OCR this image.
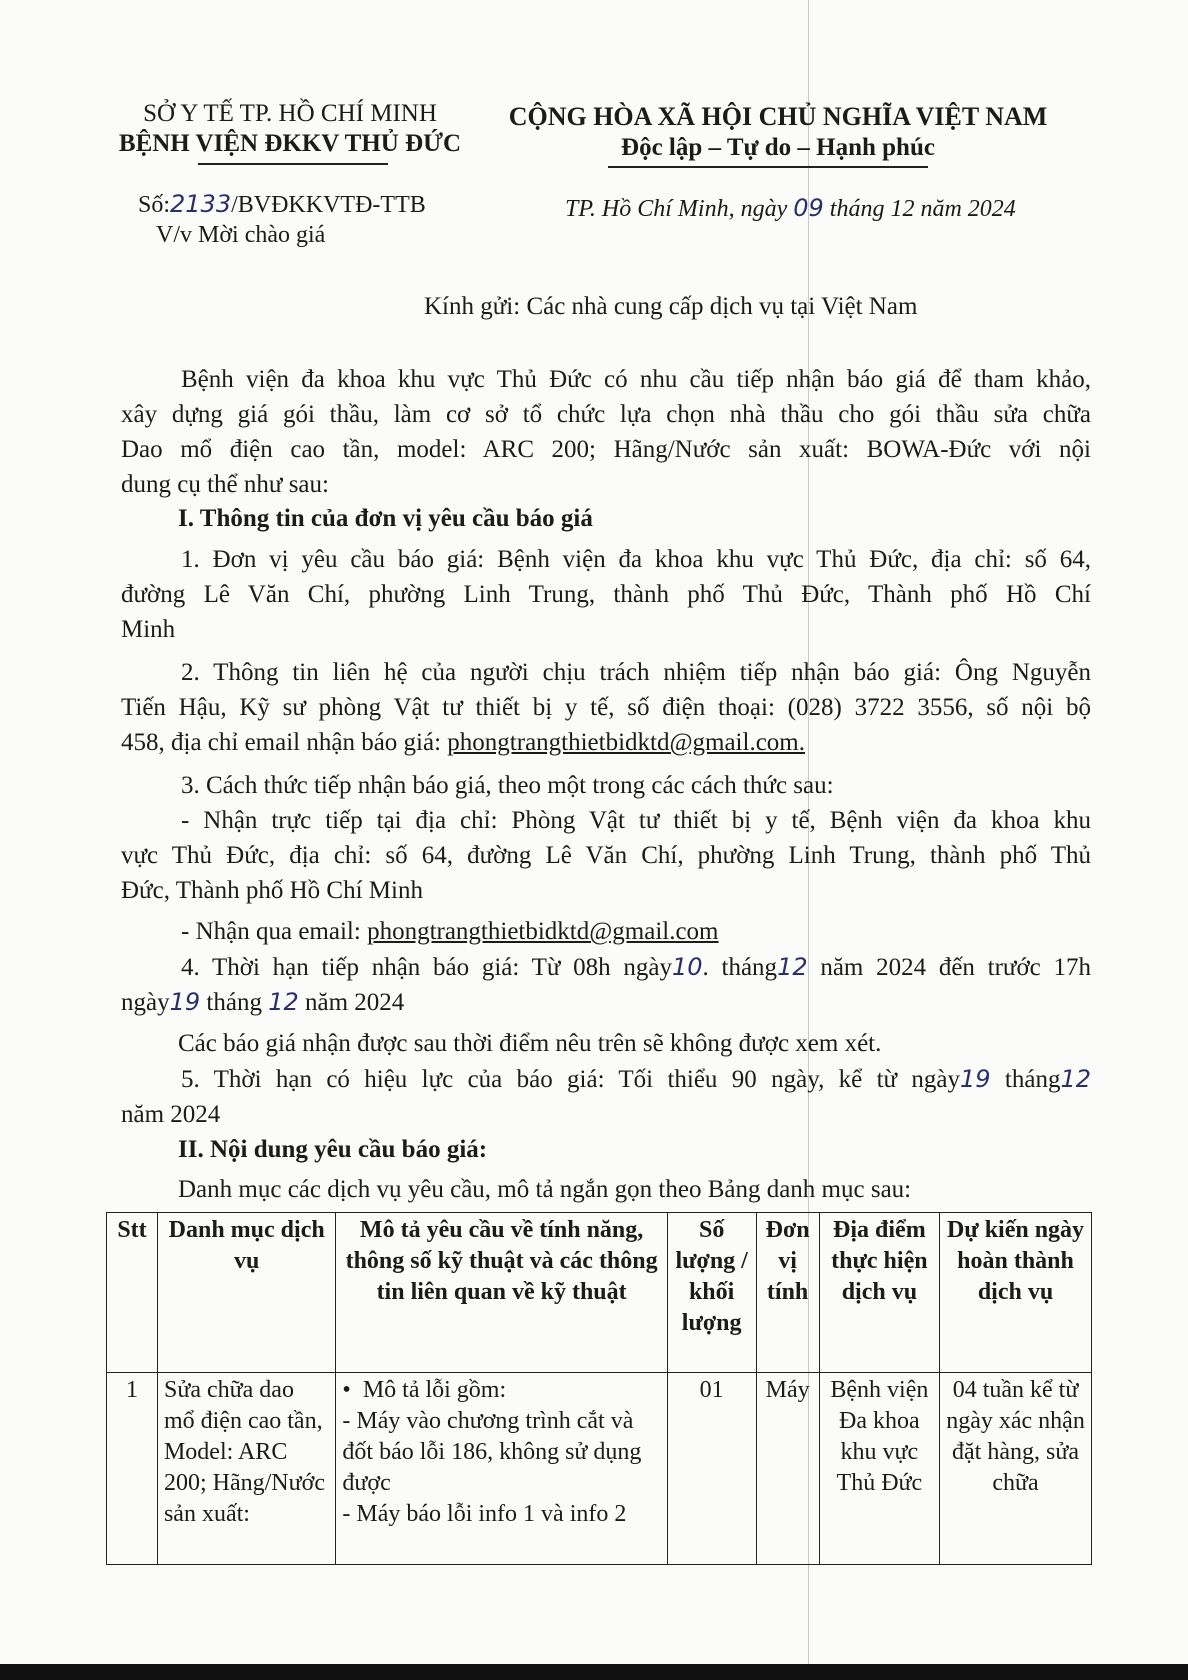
SỞ Y TẾ TP. HỒ CHÍ MINH
BỆNH VIỆN ĐKKV THỦ ĐỨC
CỘNG HÒA XÃ HỘI CHỦ NGHĨA VIỆT NAM
Độc lập – Tự do – Hạnh phúc
Số:2133/BVĐKKVTĐ-TTB
V/v Mời chào giá
TP. Hồ Chí Minh, ngày 09 tháng 12 năm 2024
Kính gửi: Các nhà cung cấp dịch vụ tại Việt Nam
Bệnh viện đa khoa khu vực Thủ Đức có nhu cầu tiếp nhận báo giá để tham khảo,
xây dựng giá gói thầu, làm cơ sở tổ chức lựa chọn nhà thầu cho gói thầu sửa chữa
Dao mổ điện cao tần, model: ARC 200; Hãng/Nước sản xuất: BOWA-Đức với nội
dung cụ thể như sau:
I. Thông tin của đơn vị yêu cầu báo giá
1. Đơn vị yêu cầu báo giá: Bệnh viện đa khoa khu vực Thủ Đức, địa chỉ: số 64,
đường Lê Văn Chí, phường Linh Trung, thành phố Thủ Đức, Thành phố Hồ Chí
Minh
2. Thông tin liên hệ của người chịu trách nhiệm tiếp nhận báo giá: Ông Nguyễn
Tiến Hậu, Kỹ sư phòng Vật tư thiết bị y tế, số điện thoại: (028) 3722 3556, số nội bộ
458, địa chỉ email nhận báo giá: phongtrangthietbidktd@gmail.com.
3. Cách thức tiếp nhận báo giá, theo một trong các cách thức sau:
- Nhận trực tiếp tại địa chỉ: Phòng Vật tư thiết bị y tế, Bệnh viện đa khoa khu
vực Thủ Đức, địa chỉ: số 64, đường Lê Văn Chí, phường Linh Trung, thành phố Thủ
Đức, Thành phố Hồ Chí Minh
- Nhận qua email: phongtrangthietbidktd@gmail.com
4. Thời hạn tiếp nhận báo giá: Từ 08h ngày10. tháng12 năm 2024 đến trước 17h
ngày19 tháng 12 năm 2024
Các báo giá nhận được sau thời điểm nêu trên sẽ không được xem xét.
5. Thời hạn có hiệu lực của báo giá: Tối thiểu 90 ngày, kể từ ngày19 tháng12
năm 2024
II. Nội dung yêu cầu báo giá:
Danh mục các dịch vụ yêu cầu, mô tả ngắn gọn theo Bảng danh mục sau:
Stt	Danh mục dịch vụ	Mô tả yêu cầu về tính năng, thông số kỹ thuật và các thông tin liên quan về kỹ thuật	Số lượng / khối lượng	Đơn vị tính	Địa điểm thực hiện dịch vụ	Dự kiến ngày hoàn thành dịch vụ
1	Sửa chữa dao mổ điện cao tần, Model: ARC 200; Hãng/Nước sản xuất:	•  Mô tả lỗi gồm:
- Máy vào chương trình cắt và đốt báo lỗi 186, không sử dụng được
- Máy báo lỗi info 1 và info 2	01	Máy	Bệnh viện Đa khoa khu vực Thủ Đức	04 tuần kể từ ngày xác nhận đặt hàng, sửa chữa
